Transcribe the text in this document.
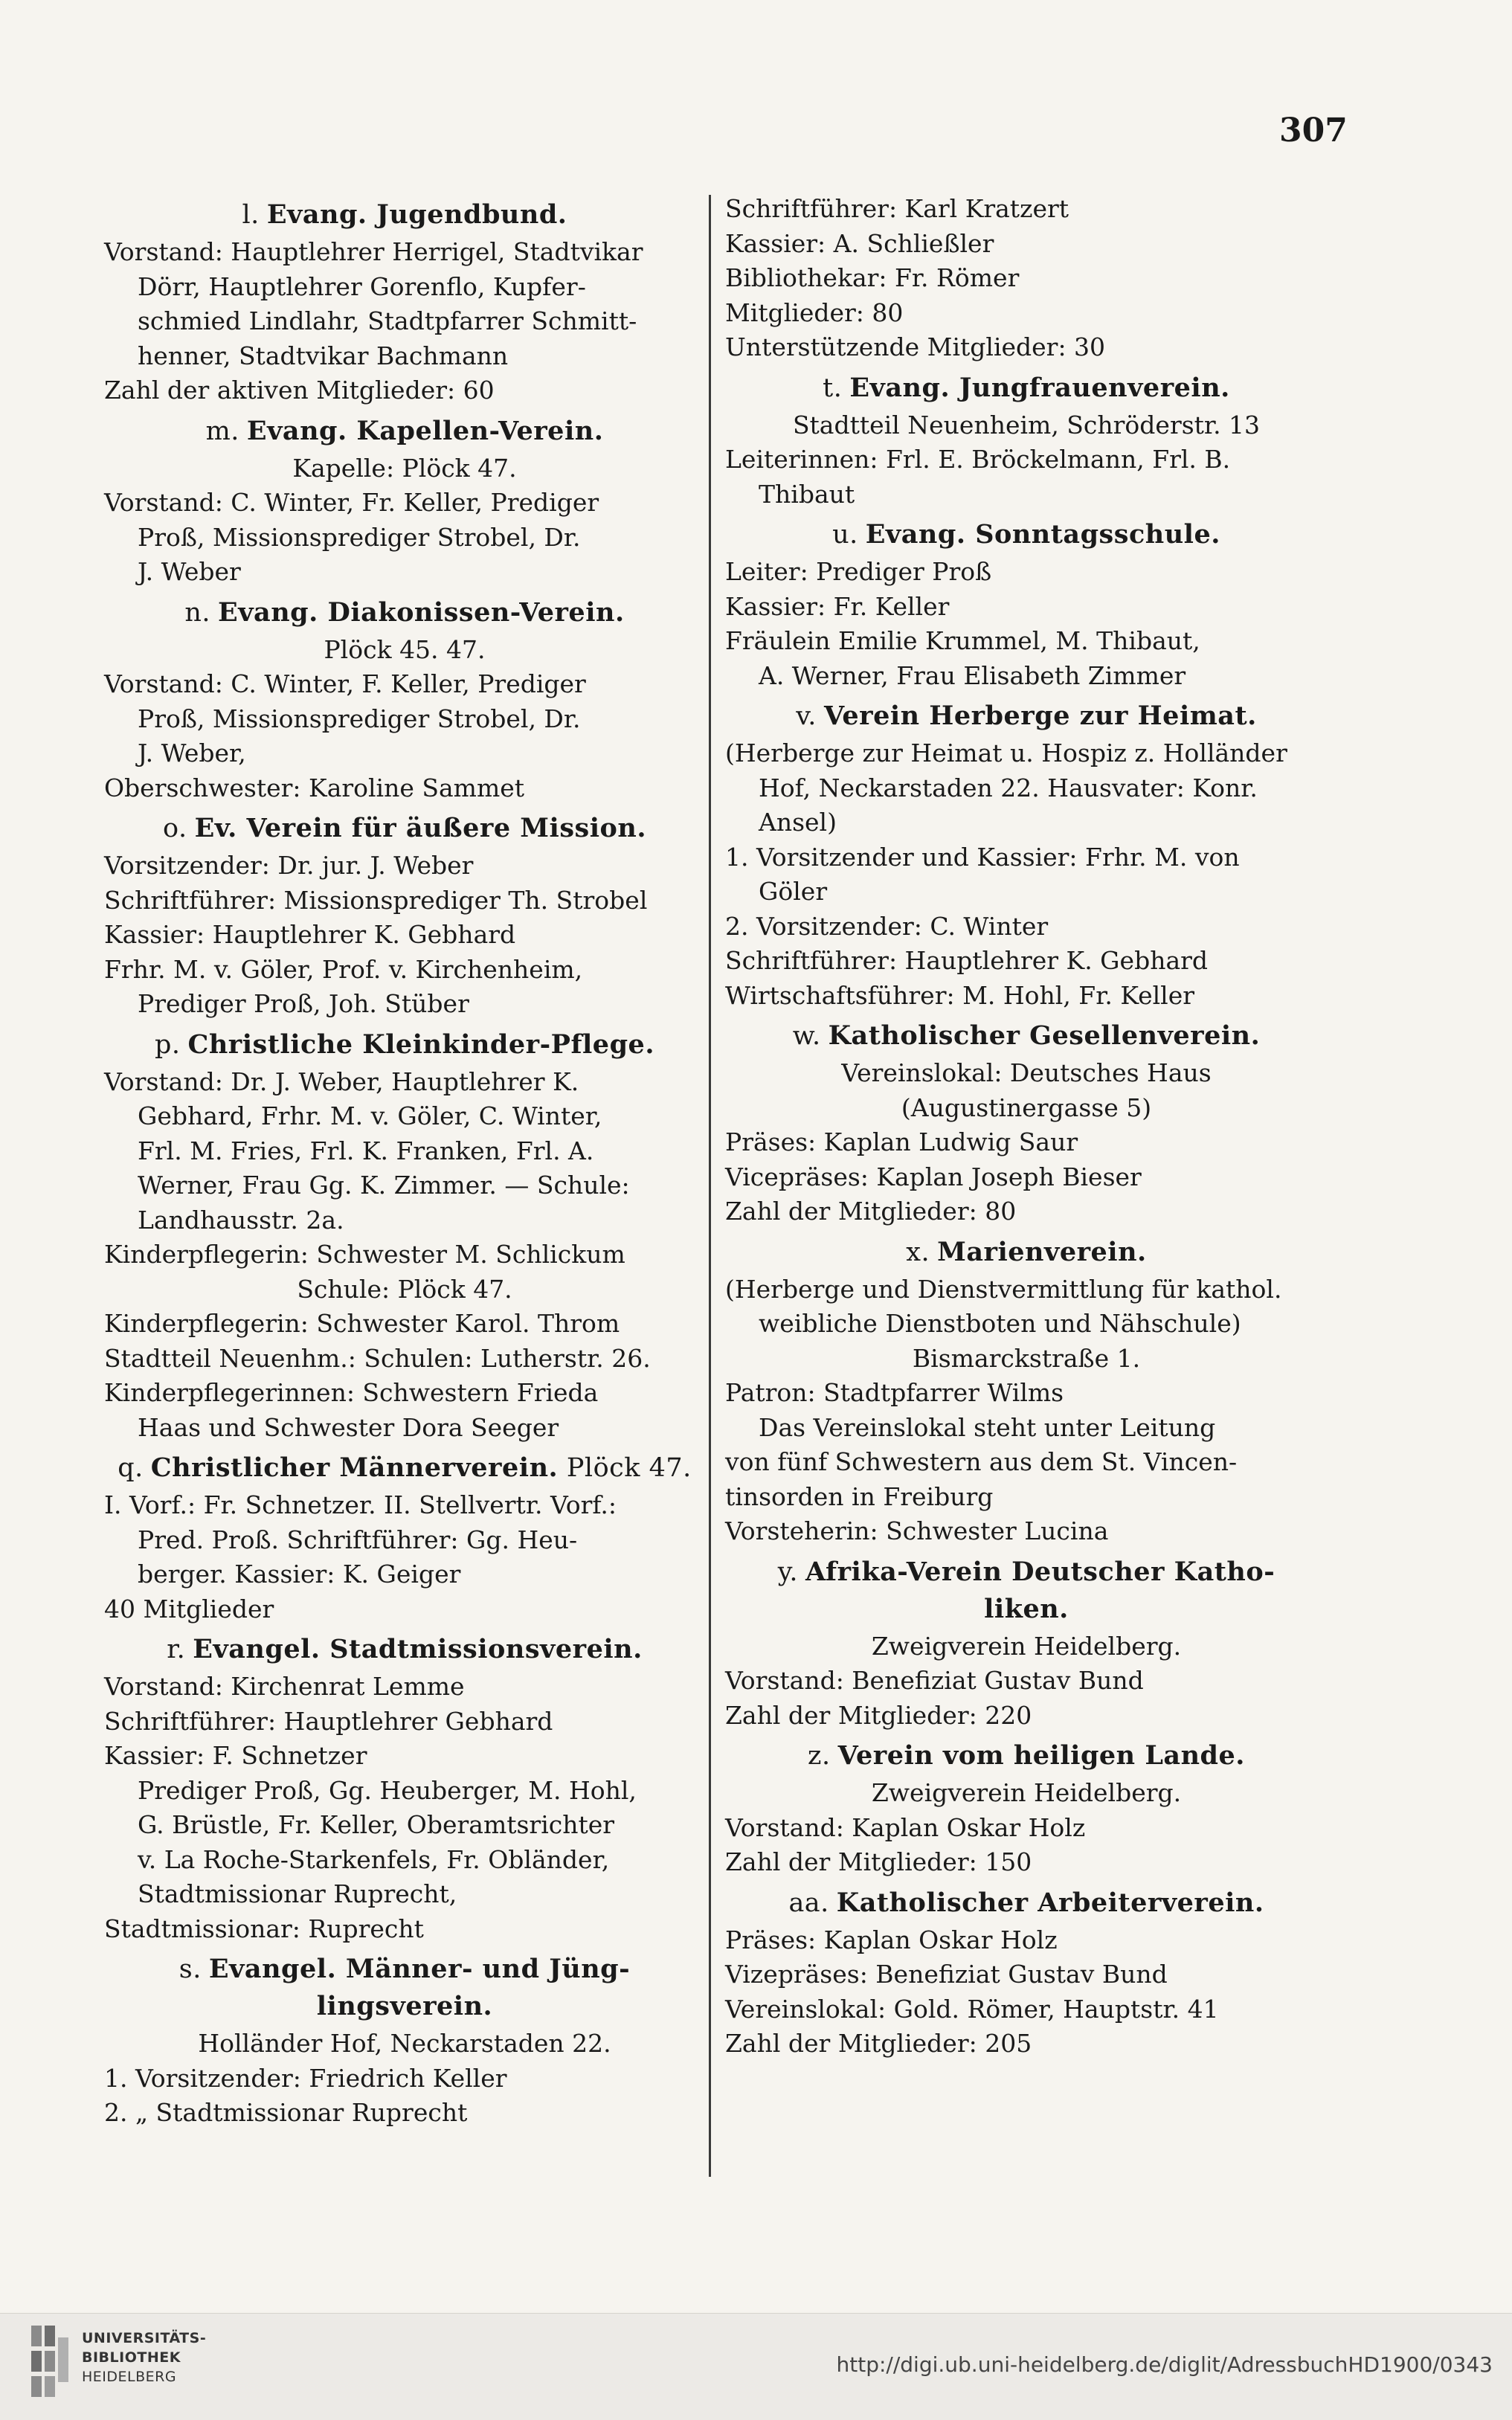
307
l. Evang. Jugendbund.
Vorstand: Hauptlehrer Herrigel, Stadtvikar
Dörr, Hauptlehrer Gorenflo, Kupfer-
schmied Lindlahr, Stadtpfarrer Schmitt-
henner, Stadtvikar Bachmann
Zahl der aktiven Mitglieder: 60
m. Evang. Kapellen-Verein.
Kapelle: Plöck 47.
Vorstand: C. Winter, Fr. Keller, Prediger
Proß, Missionsprediger Strobel, Dr.
J. Weber
n. Evang. Diakonissen-Verein.
Plöck 45. 47.
Vorstand: C. Winter, F. Keller, Prediger
Proß, Missionsprediger Strobel, Dr.
J. Weber,
Oberschwester: Karoline Sammet
o. Ev. Verein für äußere Mission.
Vorsitzender: Dr. jur. J. Weber
Schriftführer: Missionsprediger Th. Strobel
Kassier: Hauptlehrer K. Gebhard
Frhr. M. v. Göler, Prof. v. Kirchenheim,
Prediger Proß, Joh. Stüber
p. Christliche Kleinkinder-Pflege.
Vorstand: Dr. J. Weber, Hauptlehrer K.
Gebhard, Frhr. M. v. Göler, C. Winter,
Frl. M. Fries, Frl. K. Franken, Frl. A.
Werner, Frau Gg. K. Zimmer. — Schule:
Landhausstr. 2a.
Kinderpflegerin: Schwester M. Schlickum
Schule: Plöck 47.
Kinderpflegerin: Schwester Karol. Throm
Stadtteil Neuenhm.: Schulen: Lutherstr. 26.
Kinderpflegerinnen: Schwestern Frieda
Haas und Schwester Dora Seeger
q. Christlicher Männerverein. Plöck 47.
I. Vorf.: Fr. Schnetzer. II. Stellvertr. Vorf.:
Pred. Proß. Schriftführer: Gg. Heu-
berger. Kassier: K. Geiger
40 Mitglieder
r. Evangel. Stadtmissionsverein.
Vorstand: Kirchenrat Lemme
Schriftführer: Hauptlehrer Gebhard
Kassier: F. Schnetzer
Prediger Proß, Gg. Heuberger, M. Hohl,
G. Brüstle, Fr. Keller, Oberamtsrichter
v. La Roche-Starkenfels, Fr. Obländer,
Stadtmissionar Ruprecht,
Stadtmissionar: Ruprecht
s. Evangel. Männer- und Jüng-
lingsverein.
Holländer Hof, Neckarstaden 22.
1. Vorsitzender: Friedrich Keller
2. „ Stadtmissionar Ruprecht
Schriftführer: Karl Kratzert
Kassier: A. Schließler
Bibliothekar: Fr. Römer
Mitglieder: 80
Unterstützende Mitglieder: 30
t. Evang. Jungfrauenverein.
Stadtteil Neuenheim, Schröderstr. 13
Leiterinnen: Frl. E. Bröckelmann, Frl. B.
Thibaut
u. Evang. Sonntagsschule.
Leiter: Prediger Proß
Kassier: Fr. Keller
Fräulein Emilie Krummel, M. Thibaut,
A. Werner, Frau Elisabeth Zimmer
v. Verein Herberge zur Heimat.
(Herberge zur Heimat u. Hospiz z. Holländer
Hof, Neckarstaden 22. Hausvater: Konr.
Ansel)
1. Vorsitzender und Kassier: Frhr. M. von
Göler
2. Vorsitzender: C. Winter
Schriftführer: Hauptlehrer K. Gebhard
Wirtschaftsführer: M. Hohl, Fr. Keller
w. Katholischer Gesellenverein.
Vereinslokal: Deutsches Haus
(Augustinergasse 5)
Präses: Kaplan Ludwig Saur
Vicepräses: Kaplan Joseph Bieser
Zahl der Mitglieder: 80
x. Marienverein.
(Herberge und Dienstvermittlung für kathol.
weibliche Dienstboten und Nähschule)
Bismarckstraße 1.
Patron: Stadtpfarrer Wilms
Das Vereinslokal steht unter Leitung
von fünf Schwestern aus dem St. Vincen-
tinsorden in Freiburg
Vorsteherin: Schwester Lucina
y. Afrika-Verein Deutscher Katho-
liken.
Zweigverein Heidelberg.
Vorstand: Benefiziat Gustav Bund
Zahl der Mitglieder: 220
z. Verein vom heiligen Lande.
Zweigverein Heidelberg.
Vorstand: Kaplan Oskar Holz
Zahl der Mitglieder: 150
aa. Katholischer Arbeiterverein.
Präses: Kaplan Oskar Holz
Vizepräses: Benefiziat Gustav Bund
Vereinslokal: Gold. Römer, Hauptstr. 41
Zahl der Mitglieder: 205
UNIVERSITÄTS-
BIBLIOTHEK
HEIDELBERG	http://digi.ub.uni-heidelberg.de/diglit/AdressbuchHD1900/0343
